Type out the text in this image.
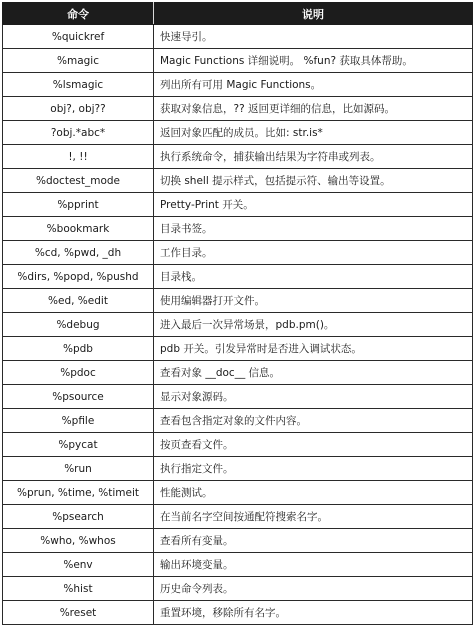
命令	说明
%quickref	快速导引。
%magic	Magic Functions 详细说明。 %fun? 获取具体帮助。
%lsmagic	列出所有可用 Magic Functions。
obj?, obj??	获取对象信息，?? 返回更详细的信息，比如源码。
?obj.*abc*	返回对象匹配的成员。比如: str.is*
!, !!	执行系统命令，捕获输出结果为字符串或列表。
%doctest_mode	切换 shell 提示样式，包括提示符、输出等设置。
%pprint	Pretty-Print 开关。
%bookmark	目录书签。
%cd, %pwd, _dh	工作目录。
%dirs, %popd, %pushd	目录栈。
%ed, %edit	使用编辑器打开文件。
%debug	进入最后一次异常场景，pdb.pm()。
%pdb	pdb 开关。引发异常时是否进入调试状态。
%pdoc	查看对象 __doc__ 信息。
%psource	显示对象源码。
%pfile	查看包含指定对象的文件内容。
%pycat	按页查看文件。
%run	执行指定文件。
%prun, %time, %timeit	性能测试。
%psearch	在当前名字空间按通配符搜索名字。
%who, %whos	查看所有变量。
%env	输出环境变量。
%hist	历史命令列表。
%reset	重置环境，移除所有名字。
